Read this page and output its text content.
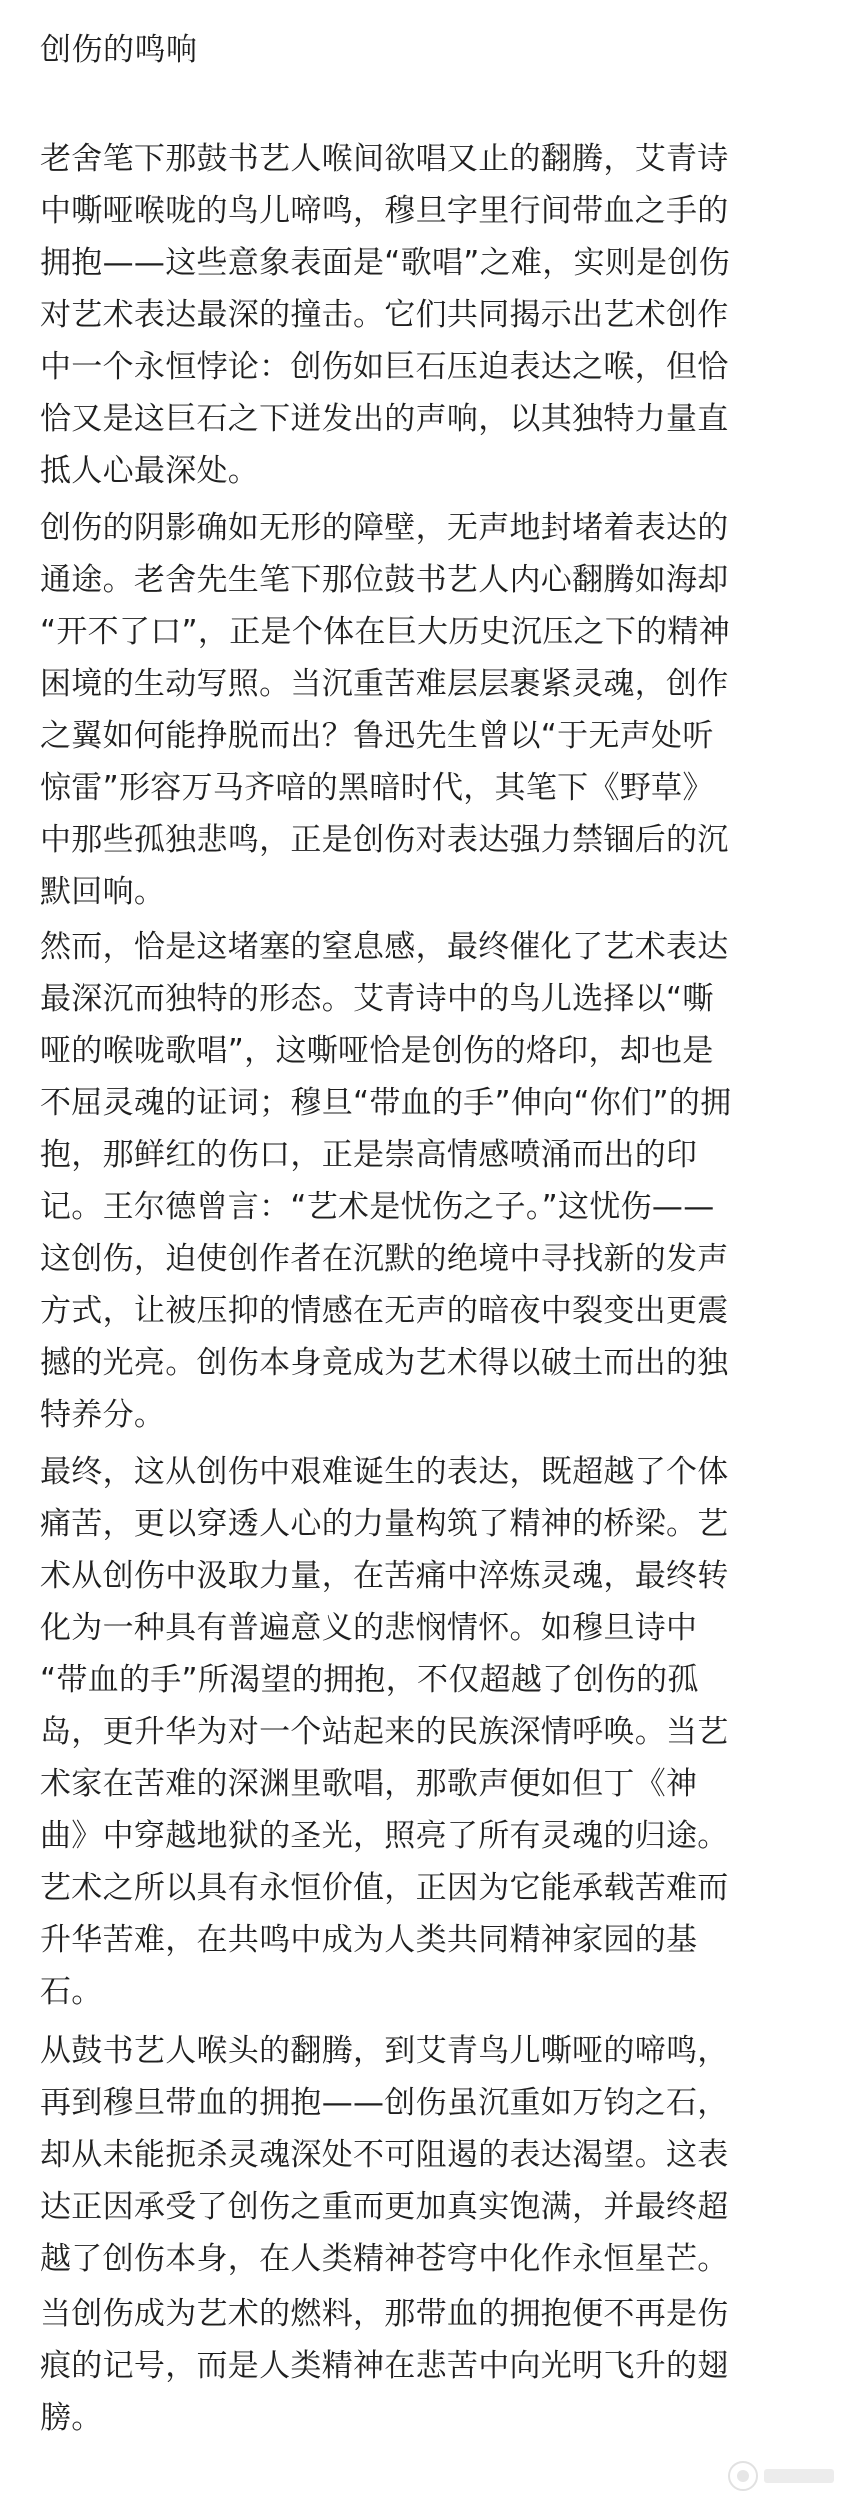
创伤的鸣响
老舍笔下那鼓书艺人喉间欲唱又止的翻腾，艾青诗
中嘶哑喉咙的鸟儿啼鸣，穆旦字里行间带血之手的
拥抱——这些意象表面是“歌唱”之难，实则是创伤
对艺术表达最深的撞击。它们共同揭示出艺术创作
中一个永恒悖论：创伤如巨石压迫表达之喉，但恰
恰又是这巨石之下迸发出的声响，以其独特力量直
抵人心最深处。
创伤的阴影确如无形的障壁，无声地封堵着表达的
通途。老舍先生笔下那位鼓书艺人内心翻腾如海却
“开不了口”，正是个体在巨大历史沉压之下的精神
困境的生动写照。当沉重苦难层层裹紧灵魂，创作
之翼如何能挣脱而出？鲁迅先生曾以“于无声处听
惊雷”形容万马齐喑的黑暗时代，其笔下《野草》
中那些孤独悲鸣，正是创伤对表达强力禁锢后的沉
默回响。
然而，恰是这堵塞的窒息感，最终催化了艺术表达
最深沉而独特的形态。艾青诗中的鸟儿选择以“嘶
哑的喉咙歌唱”，这嘶哑恰是创伤的烙印，却也是
不屈灵魂的证词；穆旦“带血的手”伸向“你们”的拥
抱，那鲜红的伤口，正是崇高情感喷涌而出的印
记。王尔德曾言：“艺术是忧伤之子。”这忧伤——
这创伤，迫使创作者在沉默的绝境中寻找新的发声
方式，让被压抑的情感在无声的暗夜中裂变出更震
撼的光亮。创伤本身竟成为艺术得以破土而出的独
特养分。
最终，这从创伤中艰难诞生的表达，既超越了个体
痛苦，更以穿透人心的力量构筑了精神的桥梁。艺
术从创伤中汲取力量，在苦痛中淬炼灵魂，最终转
化为一种具有普遍意义的悲悯情怀。如穆旦诗中
“带血的手”所渴望的拥抱，不仅超越了创伤的孤
岛，更升华为对一个站起来的民族深情呼唤。当艺
术家在苦难的深渊里歌唱，那歌声便如但丁《神
曲》中穿越地狱的圣光，照亮了所有灵魂的归途。
艺术之所以具有永恒价值，正因为它能承载苦难而
升华苦难，在共鸣中成为人类共同精神家园的基
石。
从鼓书艺人喉头的翻腾，到艾青鸟儿嘶哑的啼鸣，
再到穆旦带血的拥抱——创伤虽沉重如万钧之石，
却从未能扼杀灵魂深处不可阻遏的表达渴望。这表
达正因承受了创伤之重而更加真实饱满，并最终超
越了创伤本身，在人类精神苍穹中化作永恒星芒。
当创伤成为艺术的燃料，那带血的拥抱便不再是伤
痕的记号，而是人类精神在悲苦中向光明飞升的翅
膀。
